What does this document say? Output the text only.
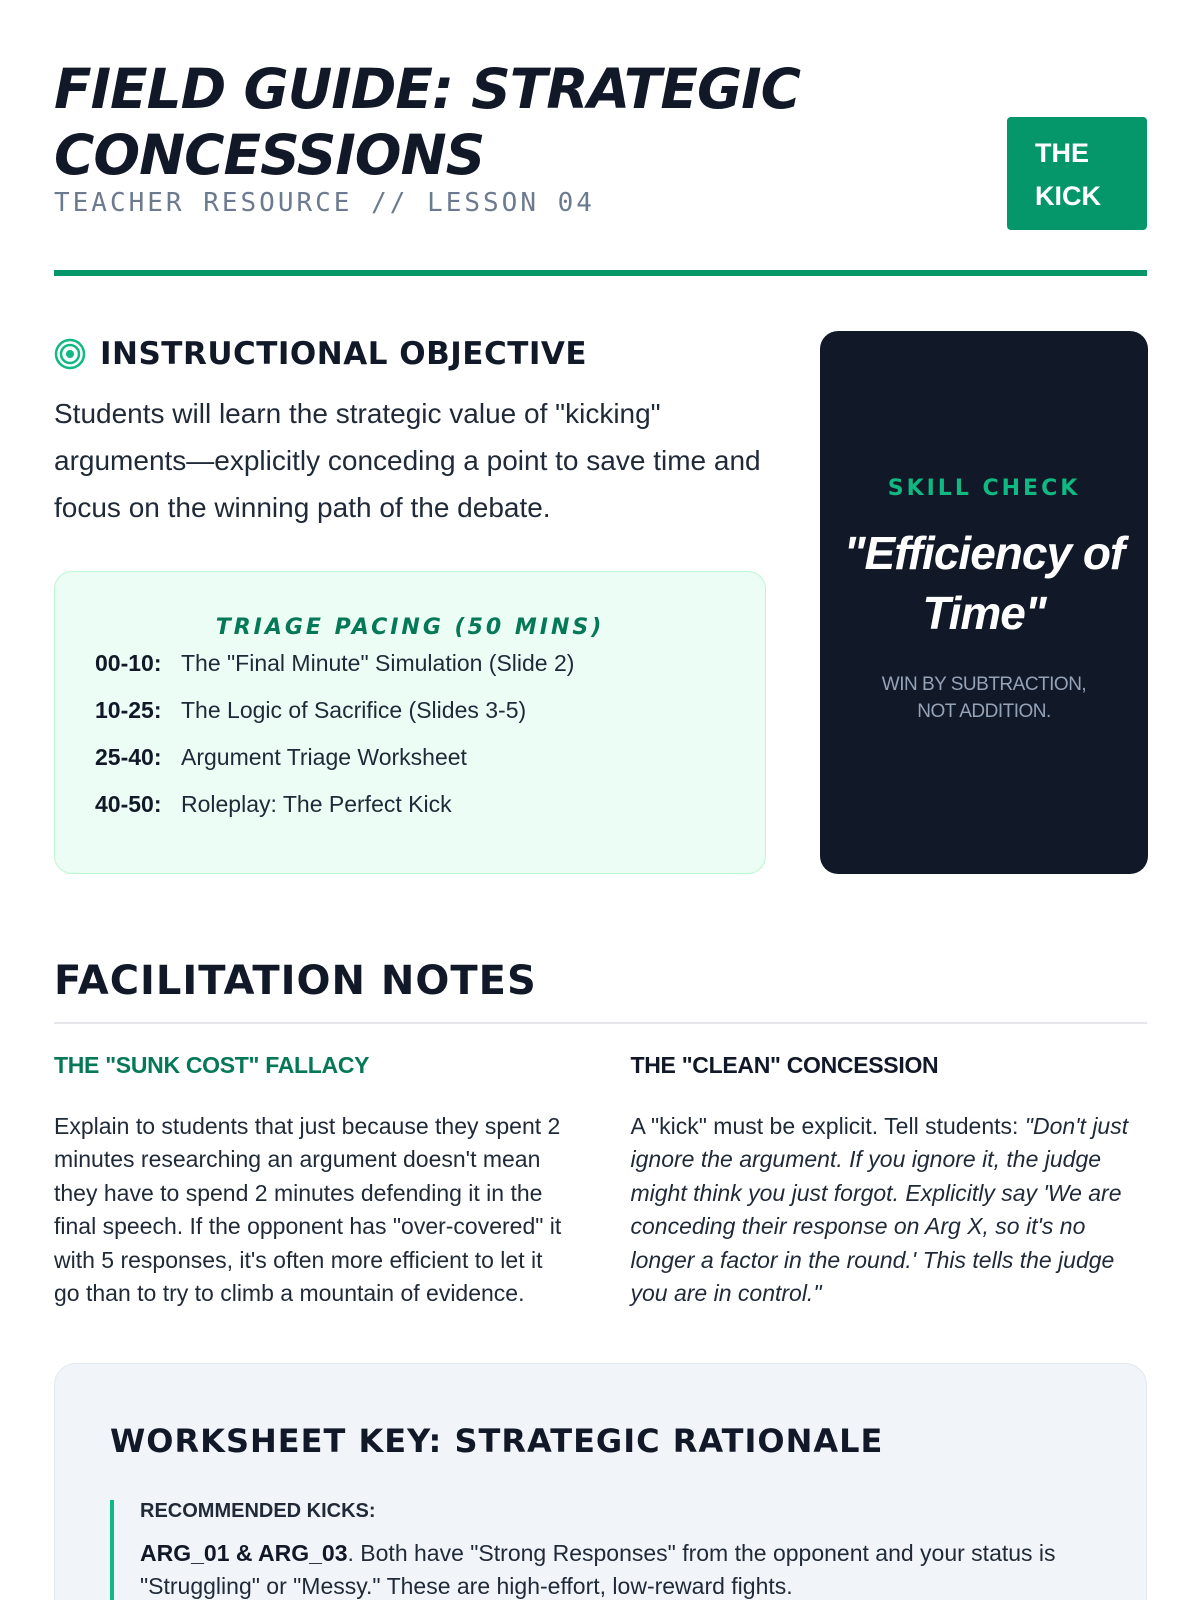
FIELD GUIDE: STRATEGIC CONCESSIONS
TEACHER RESOURCE // LESSON 04
THE
KICK
INSTRUCTIONAL OBJECTIVE

Students will learn the strategic value of "kicking" arguments—explicitly conceding a point to save time and focus on the winning path of the debate.

TRIAGE PACING (50 MINS)
00-10: The "Final Minute" Simulation (Slide 2)
10-25: The Logic of Sacrifice (Slides 3-5)
25-40: Argument Triage Worksheet
40-50: Roleplay: The Perfect Kick
SKILL CHECK
"Efficiency of Time"
WIN BY SUBTRACTION, NOT ADDITION.
FACILITATION NOTES
THE "SUNK COST" FALLACY

Explain to students that just because they spent 2 minutes researching an argument doesn't mean they have to spend 2 minutes defending it in the final speech. If the opponent has "over-covered" it with 5 responses, it's often more efficient to let it go than to try to climb a mountain of evidence.

THE "CLEAN" CONCESSION

A "kick" must be explicit. Tell students: "Don't just ignore the argument. If you ignore it, the judge might think you just forgot. Explicitly say 'We are conceding their response on Arg X, so it's no longer a factor in the round.' This tells the judge you are in control."

WORKSHEET KEY: STRATEGIC RATIONALE
RECOMMENDED KICKS:

ARG_01 & ARG_03. Both have "Strong Responses" from the opponent and your status is "Struggling" or "Messy." These are high-effort, low-reward fights.
